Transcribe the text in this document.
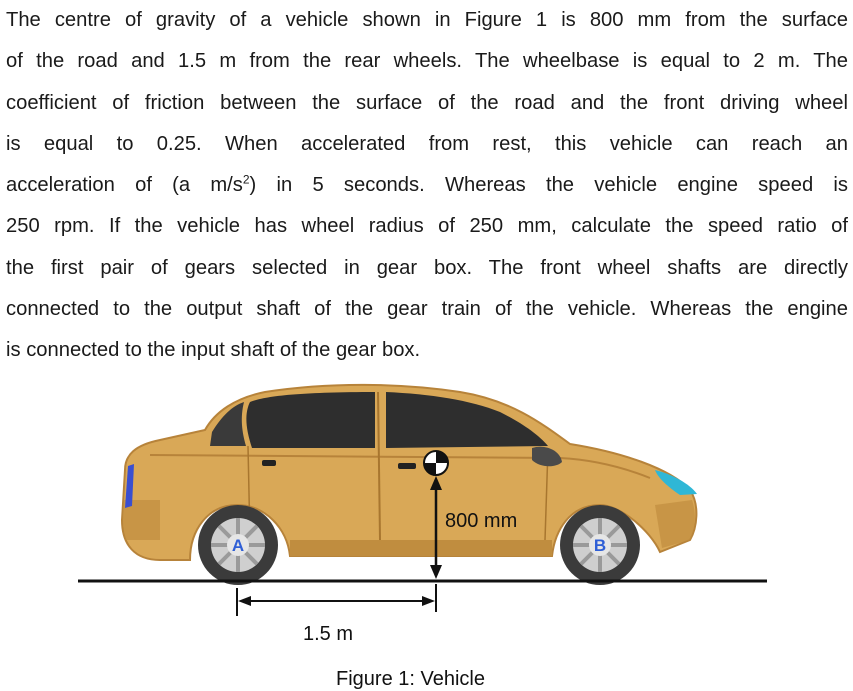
The centre of gravity of a vehicle shown in Figure 1 is 800 mm from the surface
of the road and 1.5 m from the rear wheels. The wheelbase is equal to 2 m. The
coefficient of friction between the surface of the road and the front driving wheel
is equal to 0.25. When accelerated from rest, this vehicle can reach an
acceleration of (a $m/s^2$) in 5 seconds. Whereas the vehicle engine speed is
250 rpm. If the vehicle has wheel radius of 250 mm, calculate the speed ratio of
the first pair of gears selected in gear box. The front wheel shafts are directly
connected to the output shaft of the gear train of the vehicle. Whereas the engine
is connected to the input shaft of the gear box.
A	B
800 mm
1.5 m
Figure 1: Vehicle
